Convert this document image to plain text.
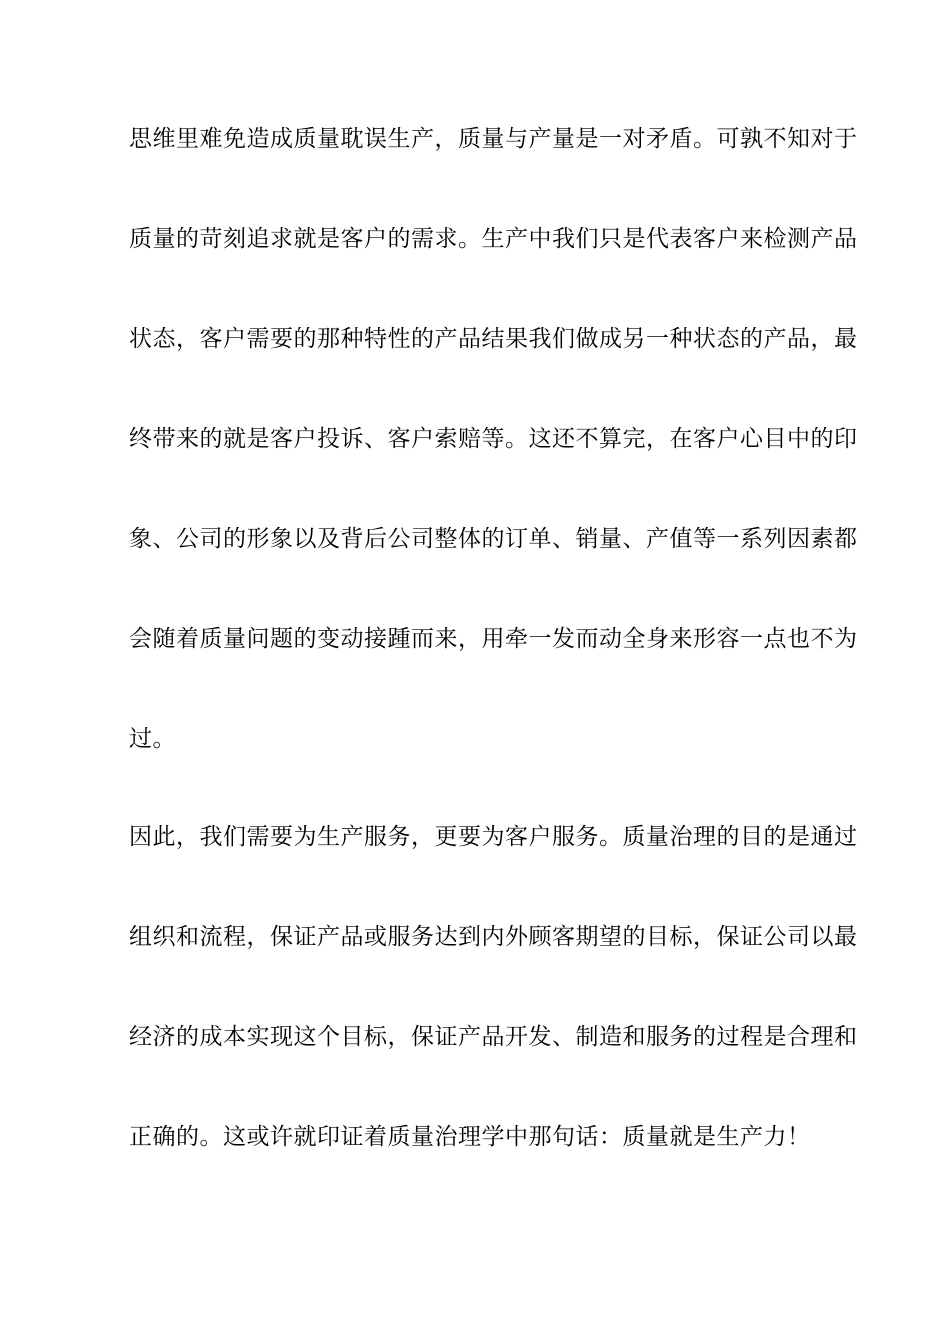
思维里难免造成质量耽误生产，质量与产量是一对矛盾。可孰不知对于
质量的苛刻追求就是客户的需求。生产中我们只是代表客户来检测产品
状态，客户需要的那种特性的产品结果我们做成另一种状态的产品，最
终带来的就是客户投诉、客户索赔等。这还不算完，在客户心目中的印
象、公司的形象以及背后公司整体的订单、销量、产值等一系列因素都
会随着质量问题的变动接踵而来，用牵一发而动全身来形容一点也不为
过。
因此，我们需要为生产服务，更要为客户服务。质量治理的目的是通过
组织和流程，保证产品或服务达到内外顾客期望的目标，保证公司以最
经济的成本实现这个目标，保证产品开发、制造和服务的过程是合理和
正确的。这或许就印证着质量治理学中那句话：质量就是生产力！
